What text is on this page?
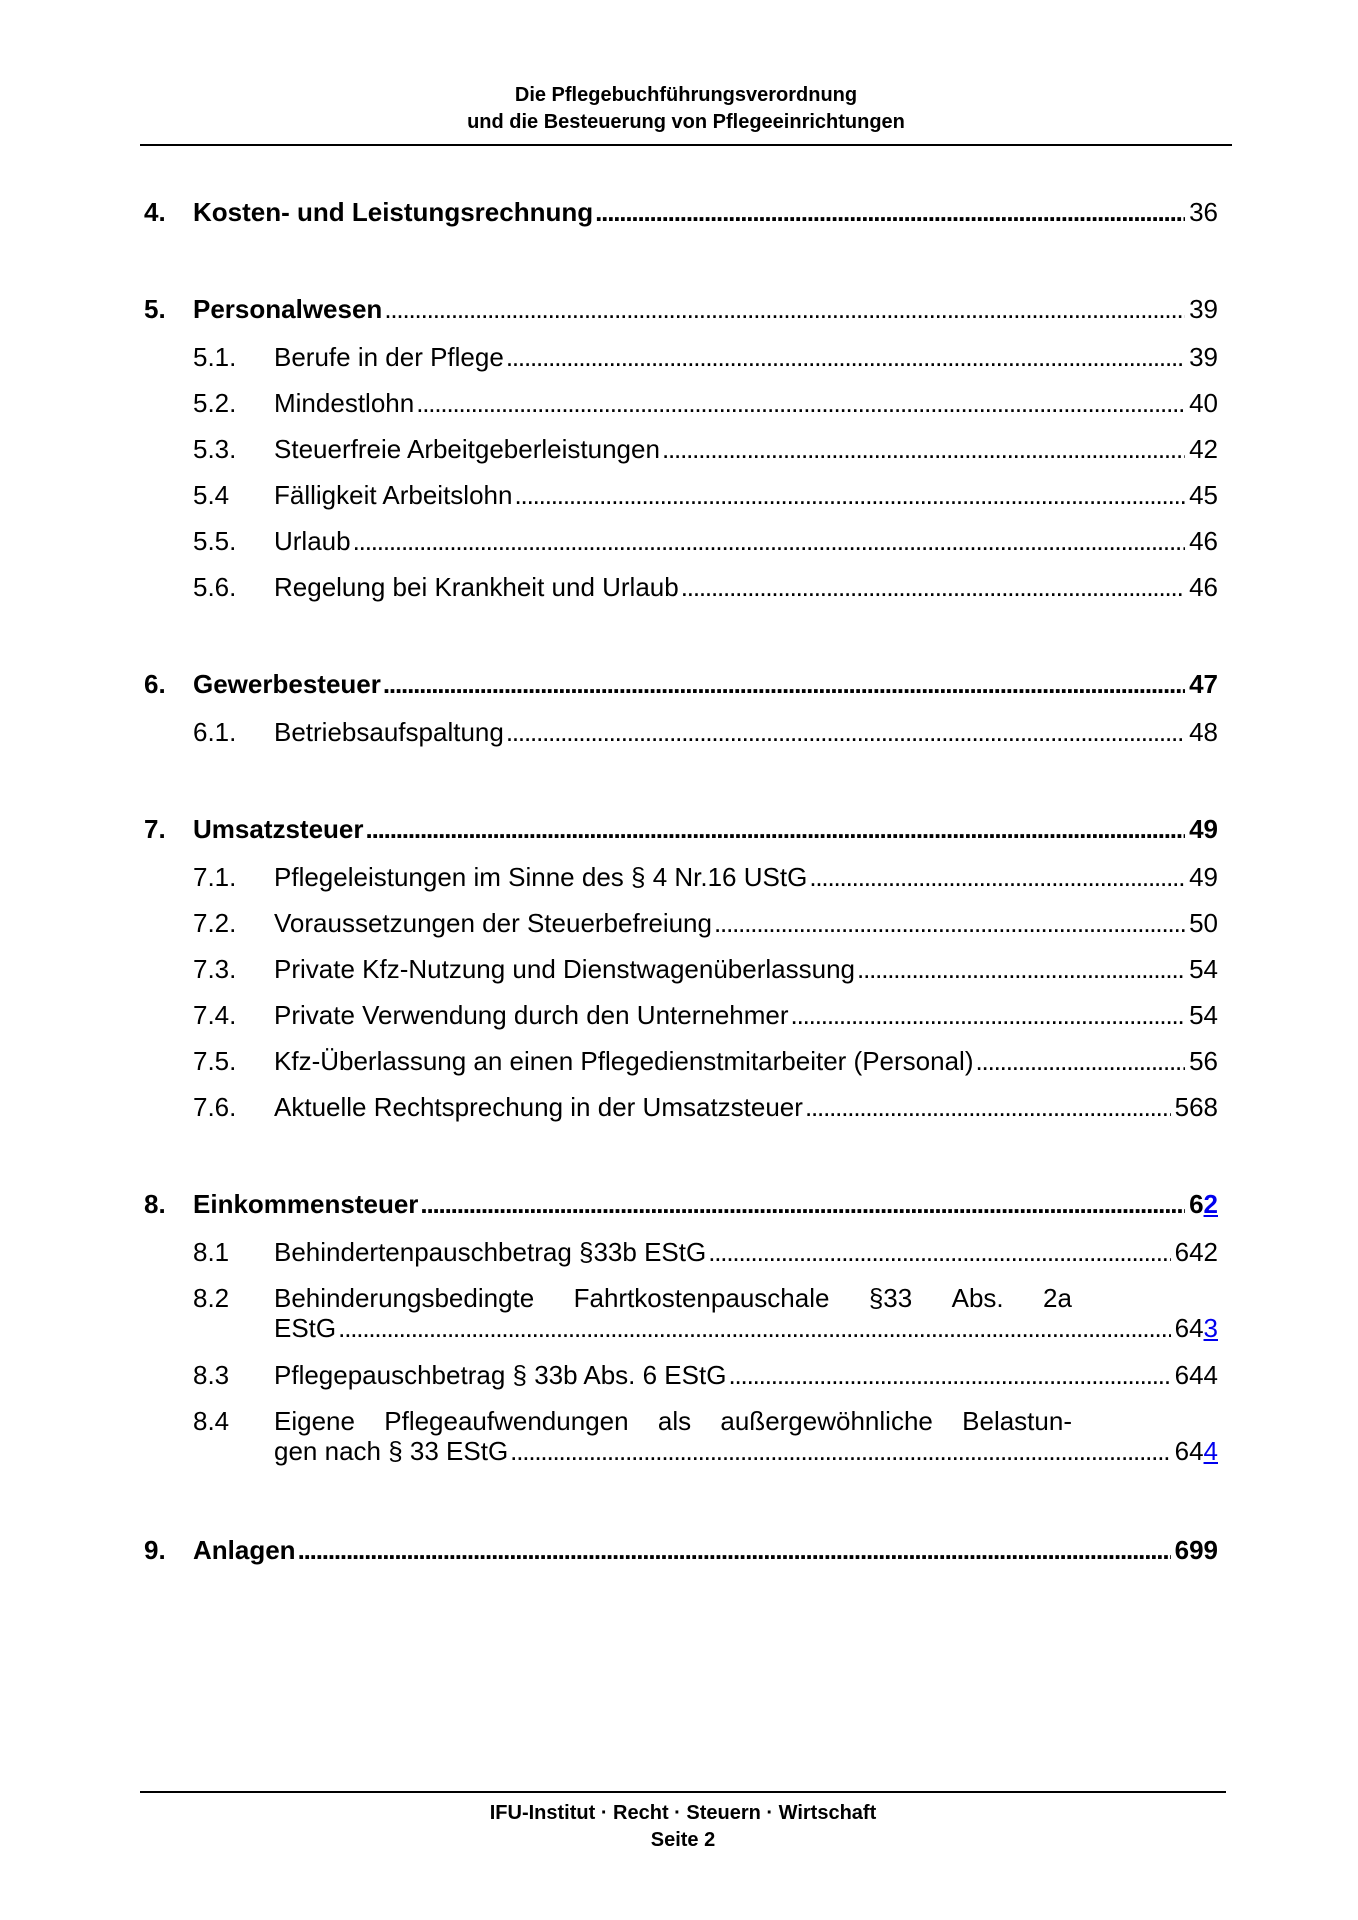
Die Pflegebuchführungsverordnung
und die Besteuerung von Pflegeeinrichtungen
4. Kosten- und Leistungsrechnung . . .	36
5. Personalwesen . . .	39
5.1. Berufe in der Pflege . . .	39
5.2. Mindestlohn . . .	40
5.3. Steuerfreie Arbeitgeberleistungen . . .	42
5.4 Fälligkeit Arbeitslohn . . .	45
5.5. Urlaub . . .	46
5.6. Regelung bei Krankheit und Urlaub . . .	46
6. Gewerbesteuer . . .	47
6.1. Betriebsaufspaltung . . .	48
7. Umsatzsteuer . . .	49
7.1. Pflegeleistungen im Sinne des § 4 Nr.16 UStG . . .	49
7.2. Voraussetzungen der Steuerbefreiung . . .	50
7.3. Private Kfz-Nutzung und Dienstwagenüberlassung . . .	54
7.4. Private Verwendung durch den Unternehmer . . .	54
7.5. Kfz-Überlassung an einen Pflegedienstmitarbeiter (Personal) . . .	56
7.6. Aktuelle Rechtsprechung in der Umsatzsteuer . . .	568
8. Einkommensteuer . . .	62
8.1 Behindertenpauschbetrag §33b EStG . . .	642
8.2 Behinderungsbedingte Fahrtkostenpauschale §33 Abs. 2a
EStG . . .	643
8.3 Pflegepauschbetrag § 33b Abs. 6 EStG . . .	644
8.4 Eigene Pflegeaufwendungen als außergewöhnliche Belastun-
gen nach § 33 EStG . . .	644
9. Anlagen . . .	699
IFU-Institut · Recht · Steuern · Wirtschaft
Seite 2
